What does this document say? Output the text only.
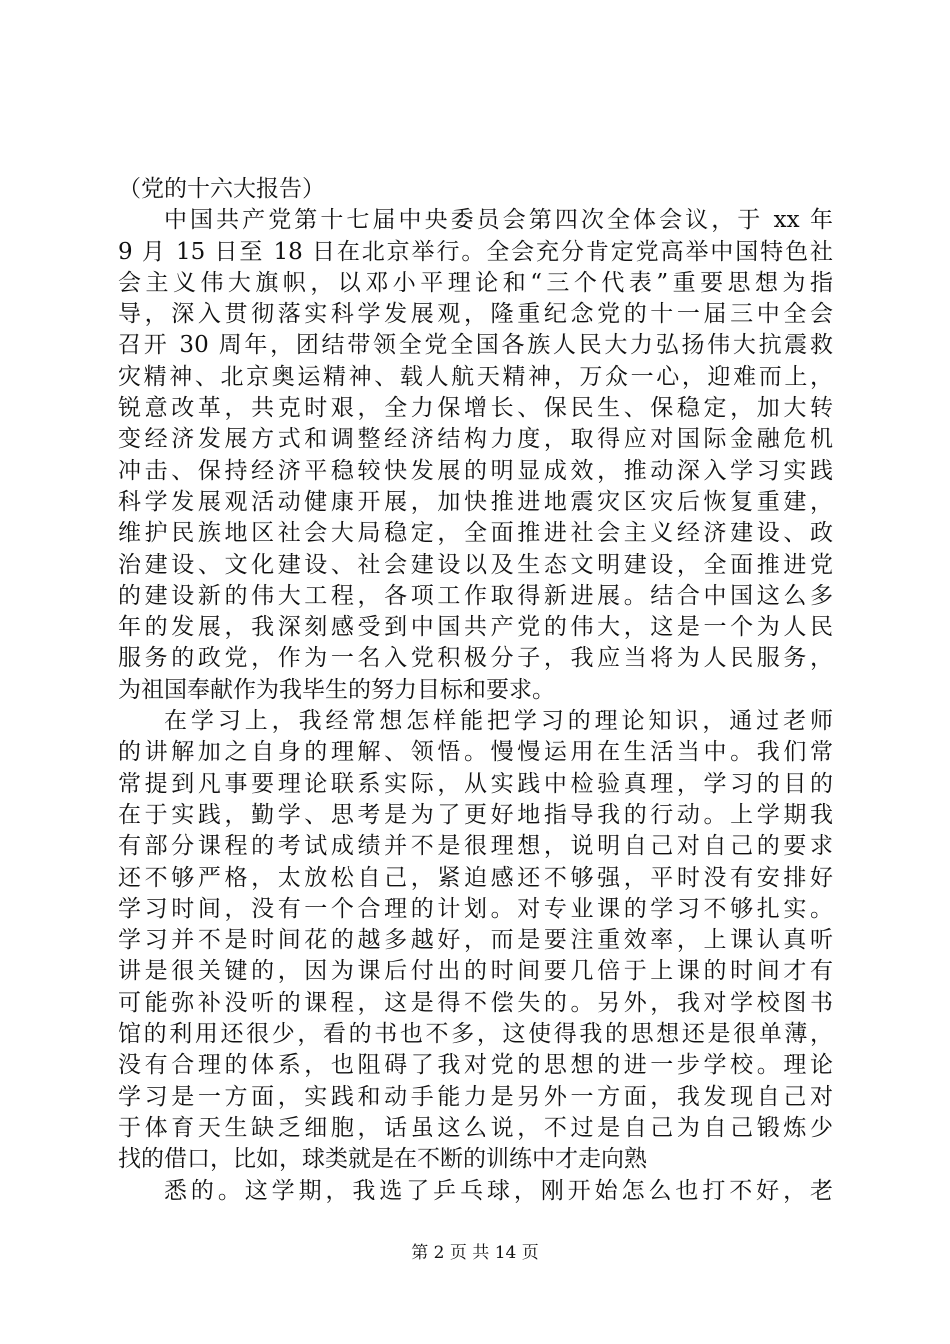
（党的十六大报告）
中国共产党第十七届中央委员会第四次全体会议，于 xx 年
9 月 15 日至 18 日在北京举行。全会充分肯定党高举中国特色社
会主义伟大旗帜，以邓小平理论和“三个代表”重要思想为指
导，深入贯彻落实科学发展观，隆重纪念党的十一届三中全会
召开 30 周年，团结带领全党全国各族人民大力弘扬伟大抗震救
灾精神、北京奥运精神、载人航天精神，万众一心，迎难而上，
锐意改革，共克时艰，全力保增长、保民生、保稳定，加大转
变经济发展方式和调整经济结构力度，取得应对国际金融危机
冲击、保持经济平稳较快发展的明显成效，推动深入学习实践
科学发展观活动健康开展，加快推进地震灾区灾后恢复重建，
维护民族地区社会大局稳定，全面推进社会主义经济建设、政
治建设、文化建设、社会建设以及生态文明建设，全面推进党
的建设新的伟大工程，各项工作取得新进展。结合中国这么多
年的发展，我深刻感受到中国共产党的伟大，这是一个为人民
服务的政党，作为一名入党积极分子，我应当将为人民服务，
为祖国奉献作为我毕生的努力目标和要求。
在学习上，我经常想怎样能把学习的理论知识，通过老师
的讲解加之自身的理解、领悟。慢慢运用在生活当中。我们常
常提到凡事要理论联系实际，从实践中检验真理，学习的目的
在于实践，勤学、思考是为了更好地指导我的行动。上学期我
有部分课程的考试成绩并不是很理想，说明自己对自己的要求
还不够严格，太放松自己，紧迫感还不够强，平时没有安排好
学习时间，没有一个合理的计划。对专业课的学习不够扎实。
学习并不是时间花的越多越好，而是要注重效率，上课认真听
讲是很关键的，因为课后付出的时间要几倍于上课的时间才有
可能弥补没听的课程，这是得不偿失的。另外，我对学校图书
馆的利用还很少，看的书也不多，这使得我的思想还是很单薄，
没有合理的体系，也阻碍了我对党的思想的进一步学校。理论
学习是一方面，实践和动手能力是另外一方面，我发现自己对
于体育天生缺乏细胞，话虽这么说，不过是自己为自己锻炼少
找的借口，比如，球类就是在不断的训练中才走向熟
悉的。这学期，我选了乒乓球，刚开始怎么也打不好，老
第 2 页 共 14 页
